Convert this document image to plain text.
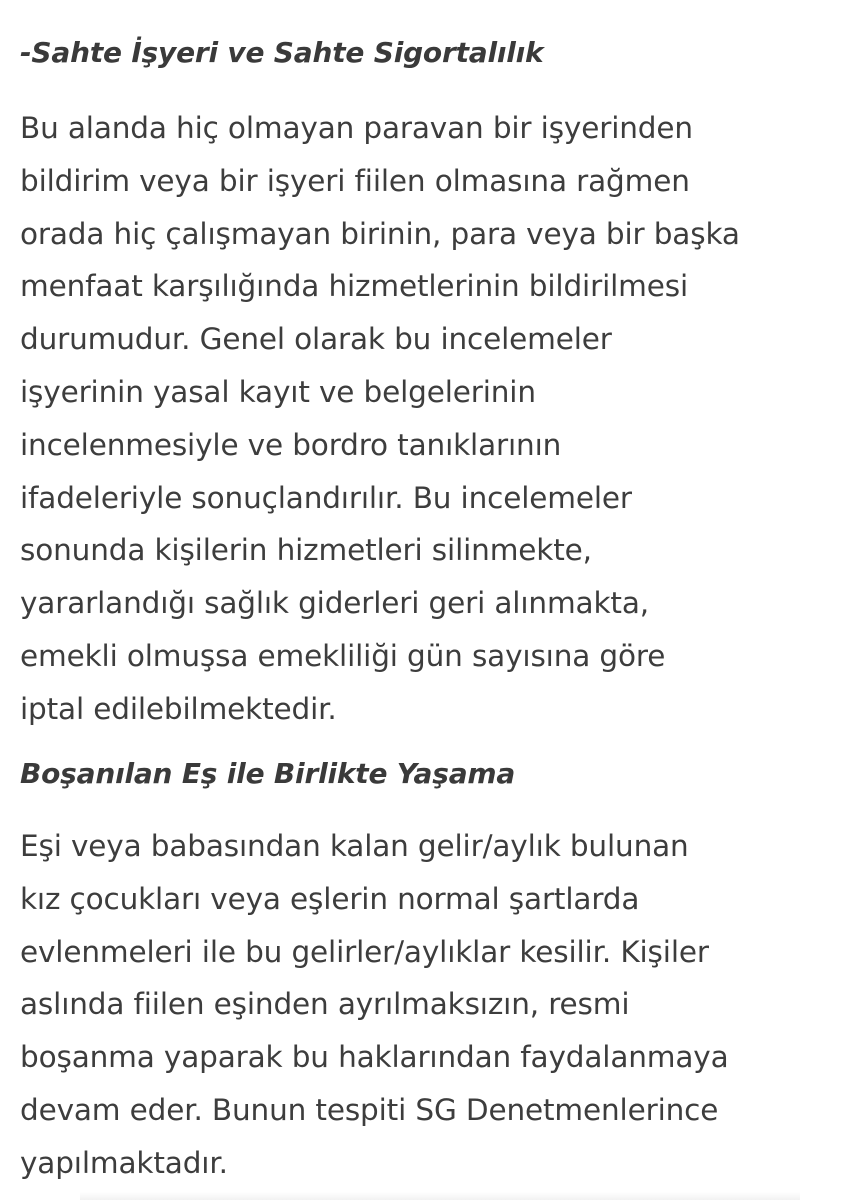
-Sahte İşyeri ve Sahte Sigortalılık

Bu alanda hiç olmayan paravan bir işyerinden
bildirim veya bir işyeri fiilen olmasına rağmen
orada hiç çalışmayan birinin, para veya bir başka
menfaat karşılığında hizmetlerinin bildirilmesi
durumudur. Genel olarak bu incelemeler
işyerinin yasal kayıt ve belgelerinin
incelenmesiyle ve bordro tanıklarının
ifadeleriyle sonuçlandırılır. Bu incelemeler
sonunda kişilerin hizmetleri silinmekte,
yararlandığı sağlık giderleri geri alınmakta,
emekli olmuşsa emekliliği gün sayısına göre
iptal edilebilmektedir.

Boşanılan Eş ile Birlikte Yaşama

Eşi veya babasından kalan gelir/aylık bulunan
kız çocukları veya eşlerin normal şartlarda
evlenmeleri ile bu gelirler/aylıklar kesilir. Kişiler
aslında fiilen eşinden ayrılmaksızın, resmi
boşanma yaparak bu haklarından faydalanmaya
devam eder. Bunun tespiti SG Denetmenlerince
yapılmaktadır.
